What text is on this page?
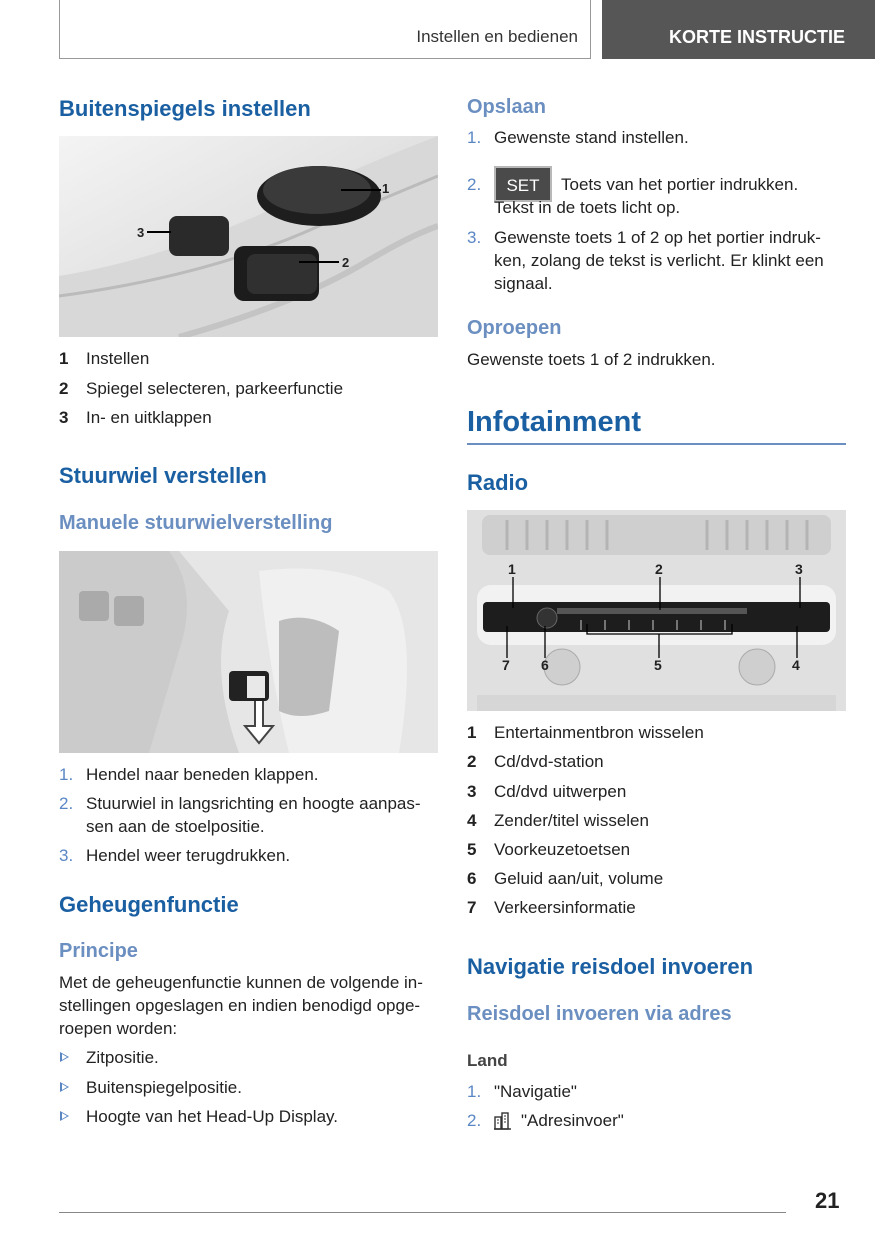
Instellen en bedienen	KORTE INSTRUCTIE
Buitenspiegels instellen
1
2
3
1 Instellen
2 Spiegel selecteren, parkeerfunctie
3 In- en uitklappen
Stuurwiel verstellen
Manuele stuurwielverstelling
1. Hendel naar beneden klappen.
2. Stuurwiel in langsrichting en hoogte aanpas-
sen aan de stoelpositie.
3. Hendel weer terugdrukken.
Geheugenfunctie
Principe
Met de geheugenfunctie kunnen de volgende in-
stellingen opgeslagen en indien benodigd opge-
roepen worden:
Zitpositie.
Buitenspiegelpositie.
Hoogte van het Head-Up Display.
Opslaan
1. Gewenste stand instellen.
2.	SET	Toets van het portier indrukken.
Tekst in de toets licht op.
3. Gewenste toets 1 of 2 op het portier indruk-
ken, zolang de tekst is verlicht. Er klinkt een
signaal.
Oproepen
Gewenste toets 1 of 2 indrukken.
Infotainment
Radio
1	2	3
4
5
6
7
1 Entertainmentbron wisselen
2 Cd/dvd-station
3 Cd/dvd uitwerpen
4 Zender/titel wisselen
5 Voorkeuzetoetsen
6 Geluid aan/uit, volume
7 Verkeersinformatie
Navigatie reisdoel invoeren
Reisdoel invoeren via adres
Land
1. "Navigatie"
2. "Adresinvoer"
21
